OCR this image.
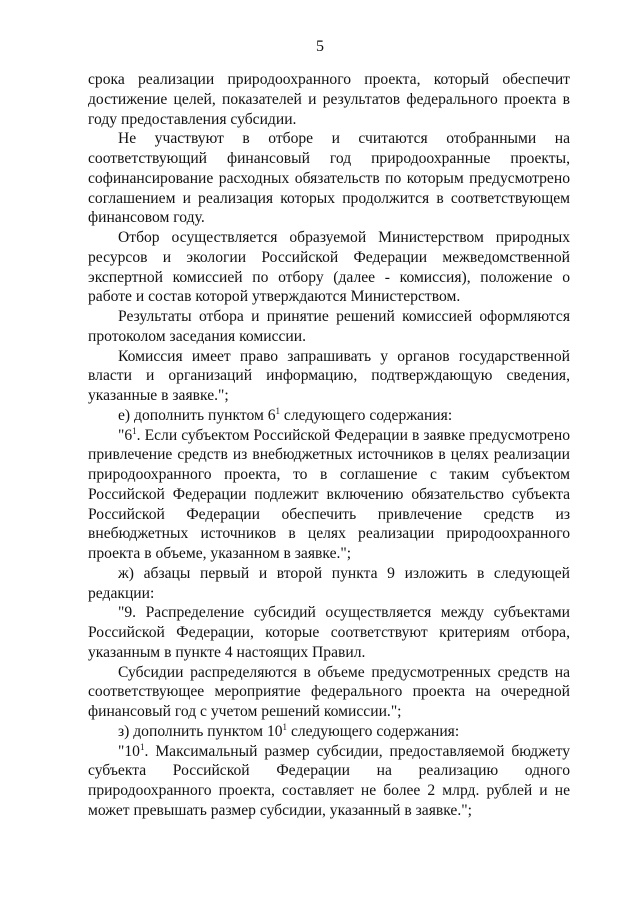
5

срока реализации природоохранного проекта, который обеспечит достижение целей, показателей и результатов федерального проекта в году предоставления субсидии.

Не участвуют в отборе и считаются отобранными на соответствующий финансовый год природоохранные проекты, софинансирование расходных обязательств по которым предусмотрено соглашением и реализация которых продолжится в соответствующем финансовом году.

Отбор осуществляется образуемой Министерством природных ресурсов и экологии Российской Федерации межведомственной экспертной комиссией по отбору (далее - комиссия), положение о работе и состав которой утверждаются Министерством.

Результаты отбора и принятие решений комиссией оформляются протоколом заседания комиссии.

Комиссия имеет право запрашивать у органов государственной власти и организаций информацию, подтверждающую сведения, указанные в заявке.";

е) дополнить пунктом $6^1$ следующего содержания:

"$6^1$. Если субъектом Российской Федерации в заявке предусмотрено привлечение средств из внебюджетных источников в целях реализации природоохранного проекта, то в соглашение с таким субъектом Российской Федерации подлежит включению обязательство субъекта Российской Федерации обеспечить привлечение средств из внебюджетных источников в целях реализации природоохранного проекта в объеме, указанном в заявке.";

ж) абзацы первый и второй пункта 9 изложить в следующей редакции:

"9. Распределение субсидий осуществляется между субъектами Российской Федерации, которые соответствуют критериям отбора, указанным в пункте 4 настоящих Правил.

Субсидии распределяются в объеме предусмотренных средств на соответствующее мероприятие федерального проекта на очередной финансовый год с учетом решений комиссии.";

з) дополнить пунктом $10^1$ следующего содержания:

"$10^1$. Максимальный размер субсидии, предоставляемой бюджету субъекта Российской Федерации на реализацию одного природоохранного проекта, составляет не более 2 млрд. рублей и не может превышать размер субсидии, указанный в заявке.";
